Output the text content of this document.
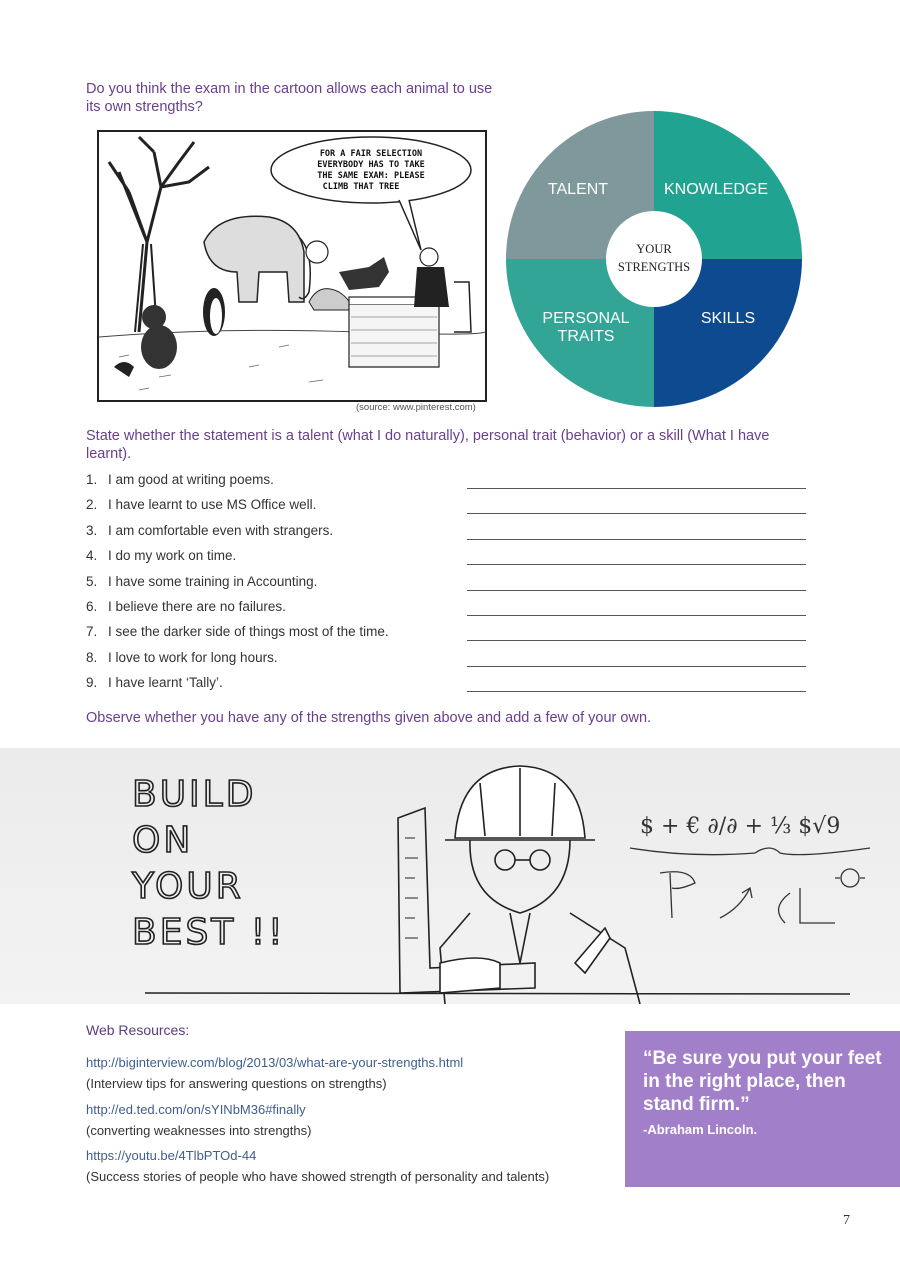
Do you think the exam in the cartoon allows each animal to use its own strengths?
FOR A FAIR SELECTION
EVERYBODY HAS TO TAKE
THE SAME EXAM: PLEASE
CLIMB THAT TREE
(source: www.pinterest.com)
TALENT	KNOWLEDGE
SKILLS
PERSONAL
TRAITS
YOUR
STRENGTHS
State whether the statement is a talent (what I do naturally), personal trait (behavior) or a skill (What I have learnt).
1. I am good at writing poems.
2. I have learnt to use MS Office well.
3. I am comfortable even with strangers.
4. I do my work on time.
5. I have some training in Accounting.
6. I believe there are no failures.
7. I see the darker side of things most of the time.
8. I love to work for long hours.
9. I have learnt ‘Tally’.
Observe whether you have any of the strengths given above and add a few of your own.
BUILD
ON
YOUR
BEST !!
$ + € ∂/∂ + ⅓ $√9
Web Resources:
http://biginterview.com/blog/2013/03/what-are-your-strengths.html
(Interview tips for answering questions on strengths)
http://ed.ted.com/on/sYINbM36#finally
(converting weaknesses into strengths)
https://youtu.be/4TlbPTOd-44
(Success stories of people who have showed strength of personality and talents)
“Be sure you put your feet in the right place, then stand firm.”
-Abraham Lincoln.
7
